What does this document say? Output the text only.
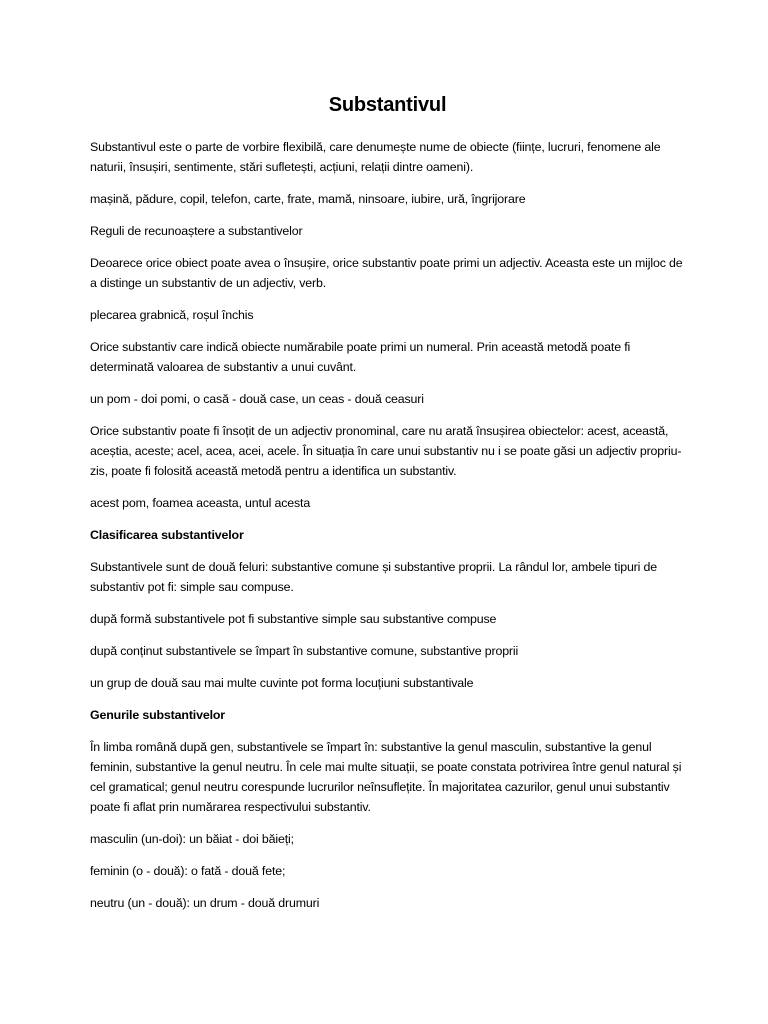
Substantivul
Substantivul este o parte de vorbire flexibilă, care denumește nume de obiecte (ființe, lucruri, fenomene ale naturii, însușiri, sentimente, stări sufletești, acțiuni, relații dintre oameni).
mașină, pădure, copil, telefon, carte, frate, mamă, ninsoare, iubire, ură, îngrijorare
Reguli de recunoaștere a substantivelor
Deoarece orice obiect poate avea o însușire, orice substantiv poate primi un adjectiv. Aceasta este un mijloc de a distinge un substantiv de un adjectiv, verb.
plecarea grabnică, roșul închis
Orice substantiv care indică obiecte numărabile poate primi un numeral. Prin această metodă poate fi determinată valoarea de substantiv a unui cuvânt.
un pom - doi pomi, o casă - două case, un ceas - două ceasuri
Orice substantiv poate fi însoțit de un adjectiv pronominal, care nu arată însușirea obiectelor: acest, această, aceștia, aceste; acel, acea, acei, acele. În situația în care unui substantiv nu i se poate găsi un adjectiv propriu-zis, poate fi folosită această metodă pentru a identifica un substantiv.
acest pom, foamea aceasta, untul acesta
Clasificarea substantivelor
Substantivele sunt de două feluri: substantive comune și substantive proprii. La rândul lor, ambele tipuri de substantiv pot fi: simple sau compuse.
după formă substantivele pot fi substantive simple sau substantive compuse
după conținut substantivele se împart în substantive comune, substantive proprii
un grup de două sau mai multe cuvinte pot forma locuțiuni substantivale
Genurile substantivelor
În limba română după gen, substantivele se împart în: substantive la genul masculin, substantive la genul feminin, substantive la genul neutru. În cele mai multe situații, se poate constata potrivirea între genul natural și cel gramatical; genul neutru corespunde lucrurilor neînsuflețite. În majoritatea cazurilor, genul unui substantiv poate fi aflat prin numărarea respectivului substantiv.
masculin (un-doi): un băiat - doi băieți;
feminin (o - două): o fată - două fete;
neutru (un - două): un drum - două drumuri
